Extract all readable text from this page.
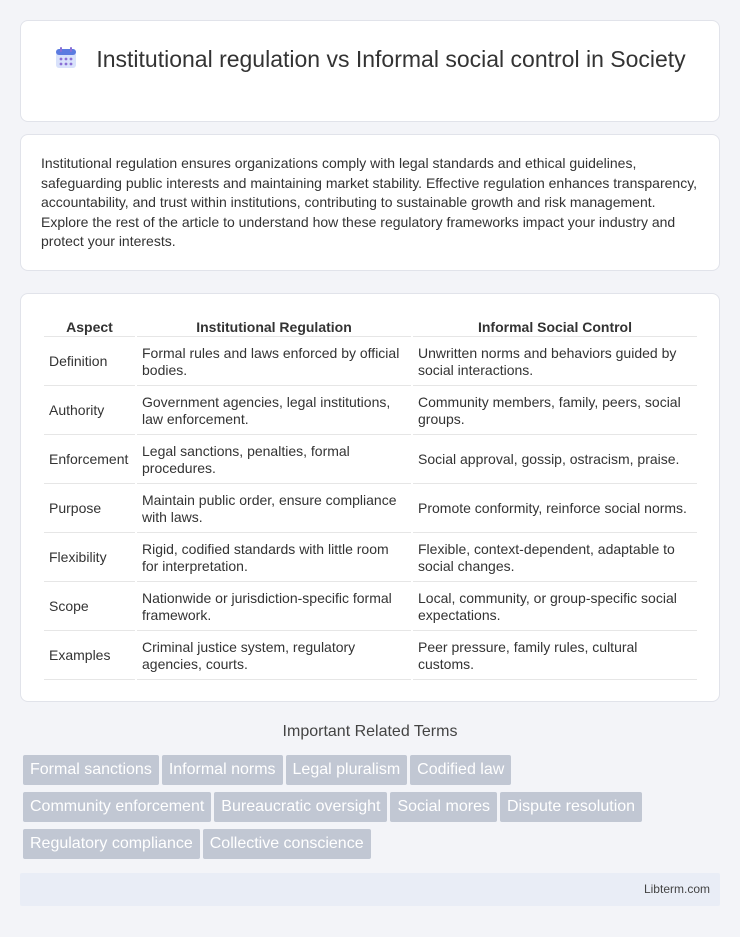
Institutional regulation vs Informal social control in Society

Institutional regulation ensures organizations comply with legal standards and ethical guidelines, safeguarding public interests and maintaining market stability. Effective regulation enhances transparency, accountability, and trust within institutions, contributing to sustainable growth and risk management. Explore the rest of the article to understand how these regulatory frameworks impact your industry and protect your interests.

Aspect	Institutional Regulation	Informal Social Control
Definition	Formal rules and laws enforced by official bodies.	Unwritten norms and behaviors guided by social interactions.
Authority	Government agencies, legal institutions, law enforcement.	Community members, family, peers, social groups.
Enforcement	Legal sanctions, penalties, formal procedures.	Social approval, gossip, ostracism, praise.
Purpose	Maintain public order, ensure compliance with laws.	Promote conformity, reinforce social norms.
Flexibility	Rigid, codified standards with little room for interpretation.	Flexible, context-dependent, adaptable to social changes.
Scope	Nationwide or jurisdiction-specific formal framework.	Local, community, or group-specific social expectations.
Examples	Criminal justice system, regulatory agencies, courts.	Peer pressure, family rules, cultural customs.
Important Related Terms
Formal sanctions Informal norms Legal pluralism Codified law
Community enforcement Bureaucratic oversight Social mores Dispute resolution
Regulatory compliance Collective conscience
Libterm.com
